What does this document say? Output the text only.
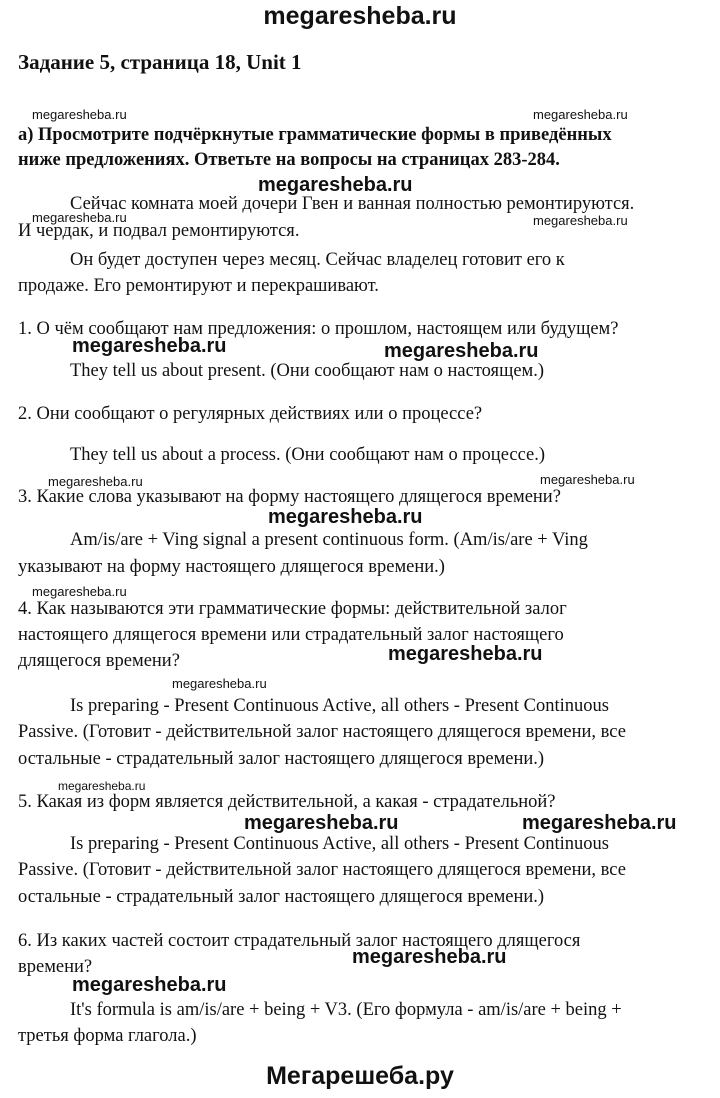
megaresheba.ru
Задание 5, страница 18, Unit 1
megaresheba.ru	megaresheba.ru
a) Просмотрите подчёркнутые грамматические формы в приведённых
ниже предложениях. Ответьте на вопросы на страницах 283-284.
megaresheba.ru
Сейчас комната моей дочери Гвен и ванная полностью ремонтируются.
megaresheba.ru	megaresheba.ru
И чердак, и подвал ремонтируются.
Он будет доступен через месяц. Сейчас владелец готовит его к
продаже. Его ремонтируют и перекрашивают.
1. О чём сообщают нам предложения: о прошлом, настоящем или будущем?
megaresheba.ru	megaresheba.ru
They tell us about present. (Они сообщают нам о настоящем.)
2. Они сообщают о регулярных действиях или о процессе?
They tell us about a process. (Они сообщают нам о процессе.)
megaresheba.ru	megaresheba.ru
3. Какие слова указывают на форму настоящего длящегося времени?
megaresheba.ru
Am/is/are + Ving signal a present continuous form. (Am/is/are + Ving
указывают на форму настоящего длящегося времени.)
megaresheba.ru
4. Как называются эти грамматические формы: действительной залог
настоящего длящегося времени или страдательный залог настоящего
megaresheba.ru
длящегося времени?
megaresheba.ru
Is preparing - Present Continuous Active, all others - Present Continuous
Passive. (Готовит - действительной залог настоящего длящегося времени, все
остальные - страдательный залог настоящего длящегося времени.)
megaresheba.ru
5. Какая из форм является действительной, а какая - страдательной?
megaresheba.ru	megaresheba.ru
Is preparing - Present Continuous Active, all others - Present Continuous
Passive. (Готовит - действительной залог настоящего длящегося времени, все
остальные - страдательный залог настоящего длящегося времени.)
6. Из каких частей состоит страдательный залог настоящего длящегося
megaresheba.ru
времени?
megaresheba.ru
It's formula is am/is/are + being + V3. (Его формула - am/is/are + being +
третья форма глагола.)
Мегарешеба.ру
